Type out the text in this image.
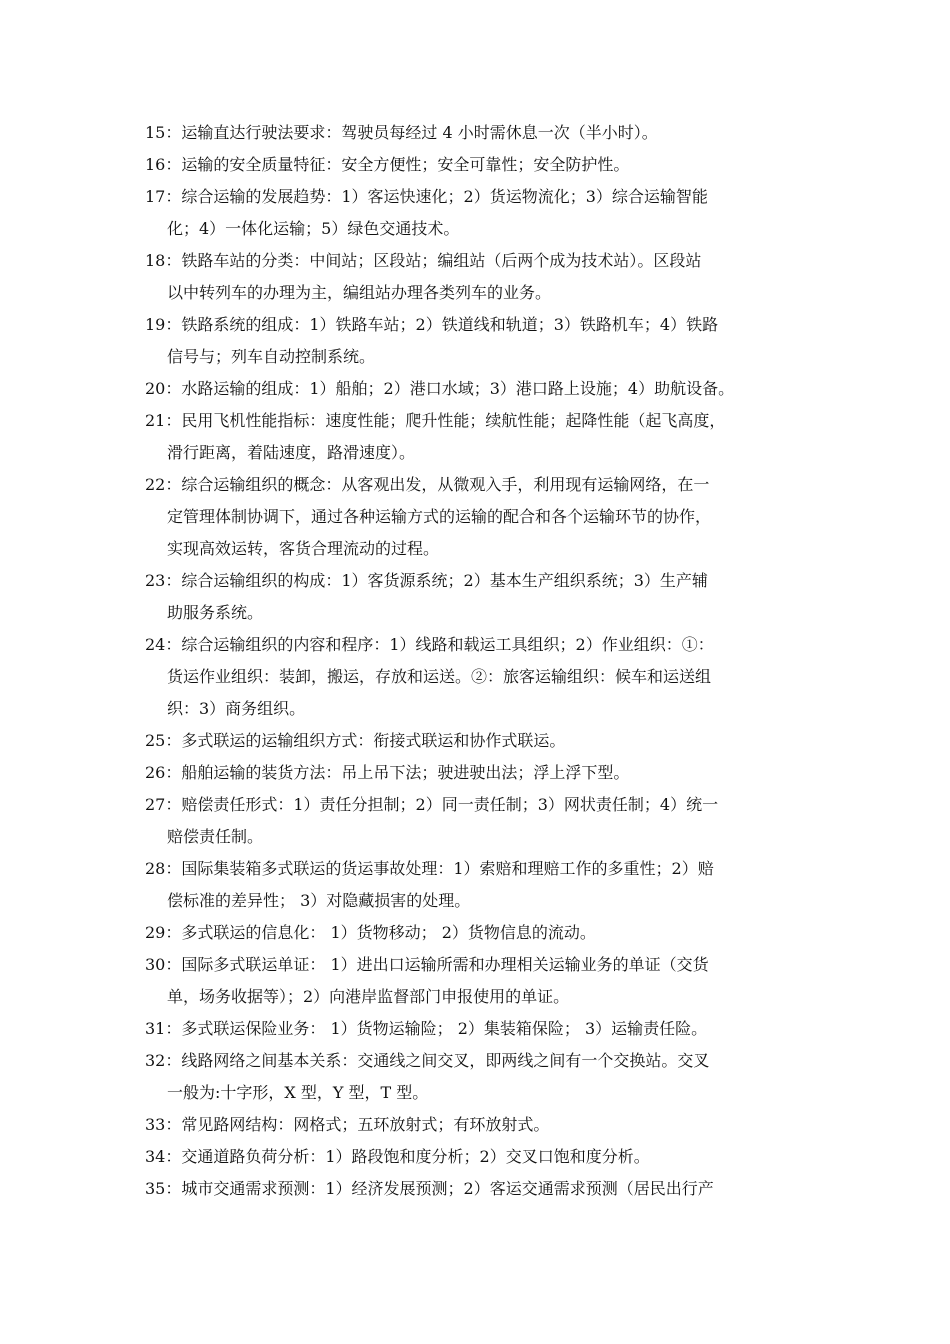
15：运输直达行驶法要求：驾驶员每经过 4 小时需休息一次（半小时）。
16：运输的安全质量特征：安全方便性；安全可靠性；安全防护性。
17：综合运输的发展趋势：1）客运快速化；2）货运物流化；3）综合运输智能
化；4）一体化运输；5）绿色交通技术。
18：铁路车站的分类：中间站；区段站；编组站（后两个成为技术站）。区段站
以中转列车的办理为主，编组站办理各类列车的业务。
19：铁路系统的组成：1）铁路车站；2）铁道线和轨道；3）铁路机车；4）铁路
信号与；列车自动控制系统。
20：水路运输的组成：1）船舶；2）港口水域；3）港口路上设施；4）助航设备。
21：民用飞机性能指标：速度性能；爬升性能；续航性能；起降性能（起飞高度，
滑行距离，着陆速度，路滑速度）。
22：综合运输组织的概念：从客观出发，从微观入手，利用现有运输网络，在一
定管理体制协调下，通过各种运输方式的运输的配合和各个运输环节的协作，
实现高效运转，客货合理流动的过程。
23：综合运输组织的构成：1）客货源系统；2）基本生产组织系统；3）生产辅
助服务系统。
24：综合运输组织的内容和程序：1）线路和载运工具组织；2）作业组织：①：
货运作业组织：装卸，搬运，存放和运送。②：旅客运输组织：候车和运送组
织：3）商务组织。
25：多式联运的运输组织方式：衔接式联运和协作式联运。
26：船舶运输的装货方法：吊上吊下法；驶进驶出法；浮上浮下型。
27：赔偿责任形式：1）责任分担制；2）同一责任制；3）网状责任制；4）统一
赔偿责任制。
28：国际集装箱多式联运的货运事故处理：1）索赔和理赔工作的多重性；2）赔
偿标准的差异性； 3）对隐藏损害的处理。
29：多式联运的信息化： 1）货物移动； 2）货物信息的流动。
30：国际多式联运单证： 1）进出口运输所需和办理相关运输业务的单证（交货
单，场务收据等）；2）向港岸监督部门申报使用的单证。
31：多式联运保险业务： 1）货物运输险； 2）集装箱保险； 3）运输责任险。
32：线路网络之间基本关系：交通线之间交叉，即两线之间有一个交换站。交叉
一般为:十字形，X 型，Y 型，T 型。
33：常见路网结构：网格式；五环放射式；有环放射式。
34：交通道路负荷分析：1）路段饱和度分析；2）交叉口饱和度分析。
35：城市交通需求预测：1）经济发展预测；2）客运交通需求预测（居民出行产
